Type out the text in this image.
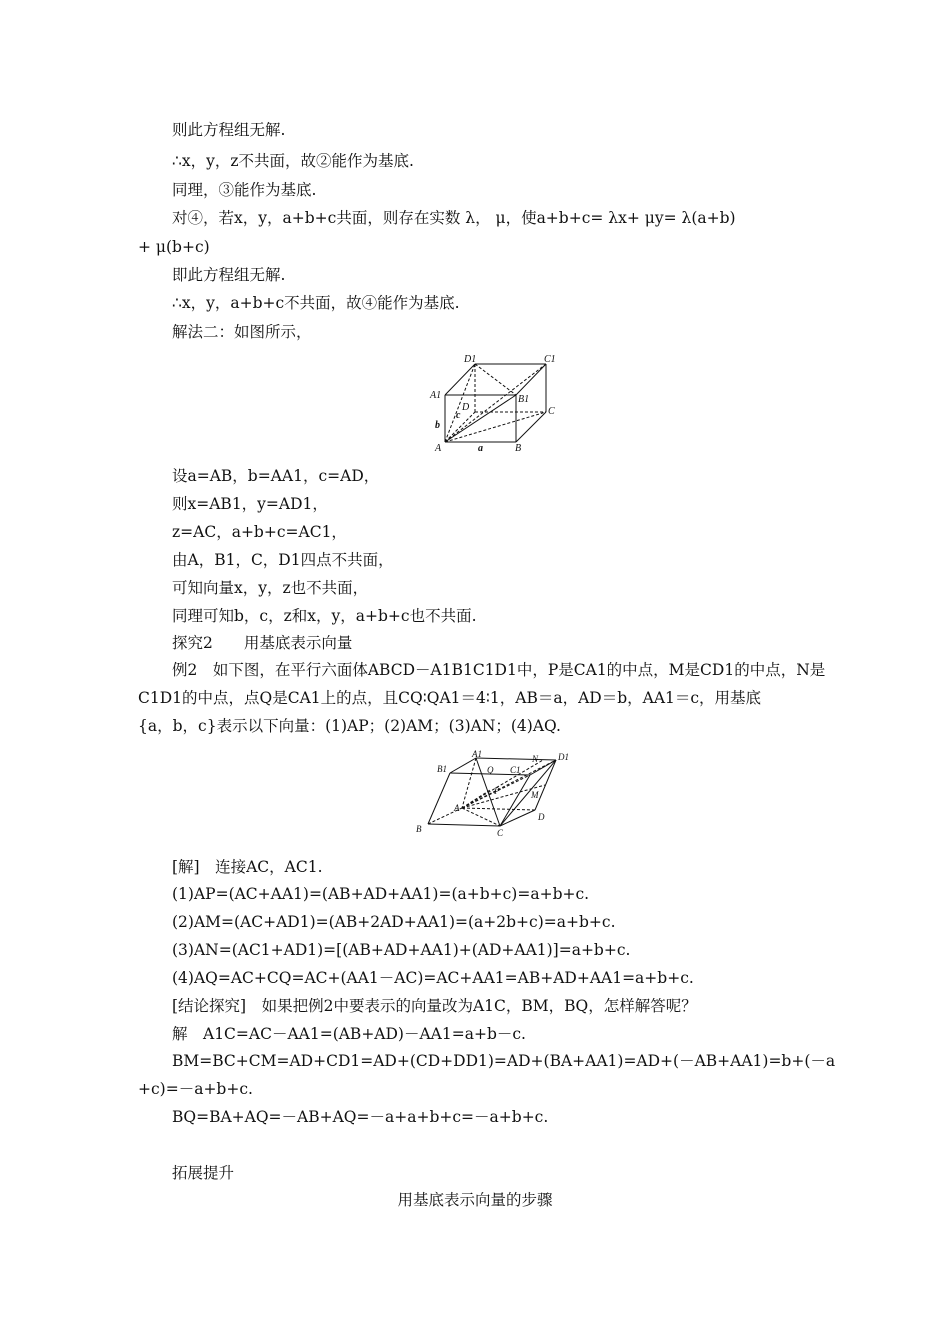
则此方程组无解.
∴x，y，z不共面，故②能作为基底.
同理，③能作为基底.
对④，若x，y，a+b+c共面，则存在实数 λ， μ，使a+b+c= λx+ μy= λ(a+b)
+ μ(b+c)
即此方程组无解.
∴x，y，a+b+c不共面，故④能作为基底.
解法二：如图所示，
D1	C1
A1	B1
C
D
c
b
A	a	B
设a=AB，b=AA1，c=AD，
则x=AB1，y=AD1，
z=AC，a+b+c=AC1，
由A，B1，C，D1四点不共面，
可知向量x，y，z也不共面，
同理可知b，c，z和x，y，a+b+c也不共面.
探究2　　用基底表示向量
例2　如下图，在平行六面体ABCD－A1B1C1D1中，P是CA1的中点，M是CD1的中点，N是
C1D1的中点，点Q是CA1上的点，且CQ∶QA1＝4∶1，AB＝a，AD＝b，AA1＝c，用基底
{a，b，c}表示以下向量：(1)AP；(2)AM；(3)AN；(4)AQ.
A1
B1	Q C1
N D1
P
A
M
D
B	C
[解]　连接AC，AC1.
(1)AP=(AC+AA1)=(AB+AD+AA1)=(a+b+c)=a+b+c.
(2)AM=(AC+AD1)=(AB+2AD+AA1)=(a+2b+c)=a+b+c.
(3)AN=(AC1+AD1)=[(AB+AD+AA1)+(AD+AA1)]=a+b+c.
(4)AQ=AC+CQ=AC+(AA1－AC)=AC+AA1=AB+AD+AA1=a+b+c.
[结论探究]　如果把例2中要表示的向量改为A1C，BM，BQ，怎样解答呢？
解　A1C=AC－AA1=(AB+AD)－AA1=a+b－c.
BM=BC+CM=AD+CD1=AD+(CD+DD1)=AD+(BA+AA1)=AD+(－AB+AA1)=b+(－a
+c)=－a+b+c.
BQ=BA+AQ=－AB+AQ=－a+a+b+c=－a+b+c.
拓展提升
用基底表示向量的步骤
